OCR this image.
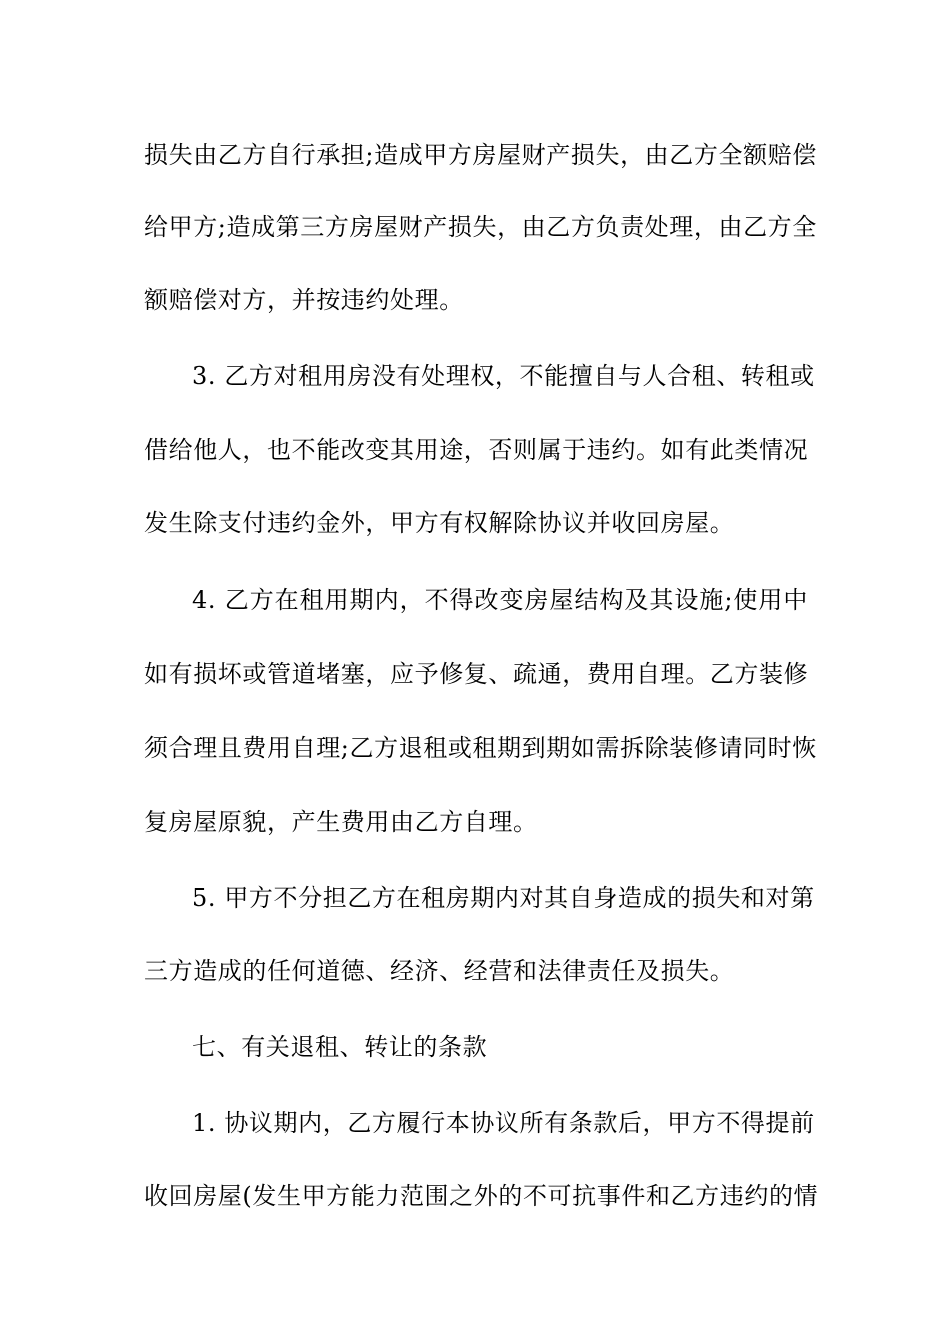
损失由乙方自行承担;造成甲方房屋财产损失，由乙方全额赔偿
给甲方;造成第三方房屋财产损失，由乙方负责处理，由乙方全
额赔偿对方，并按违约处理。
3. 乙方对租用房没有处理权，不能擅自与人合租、转租或
借给他人，也不能改变其用途，否则属于违约。如有此类情况
发生除支付违约金外，甲方有权解除协议并收回房屋。
4. 乙方在租用期内，不得改变房屋结构及其设施;使用中
如有损坏或管道堵塞，应予修复、疏通，费用自理。乙方装修
须合理且费用自理;乙方退租或租期到期如需拆除装修请同时恢
复房屋原貌，产生费用由乙方自理。
5. 甲方不分担乙方在租房期内对其自身造成的损失和对第
三方造成的任何道德、经济、经营和法律责任及损失。
七、有关退租、转让的条款
1. 协议期内，乙方履行本协议所有条款后，甲方不得提前
收回房屋(发生甲方能力范围之外的不可抗事件和乙方违约的情
